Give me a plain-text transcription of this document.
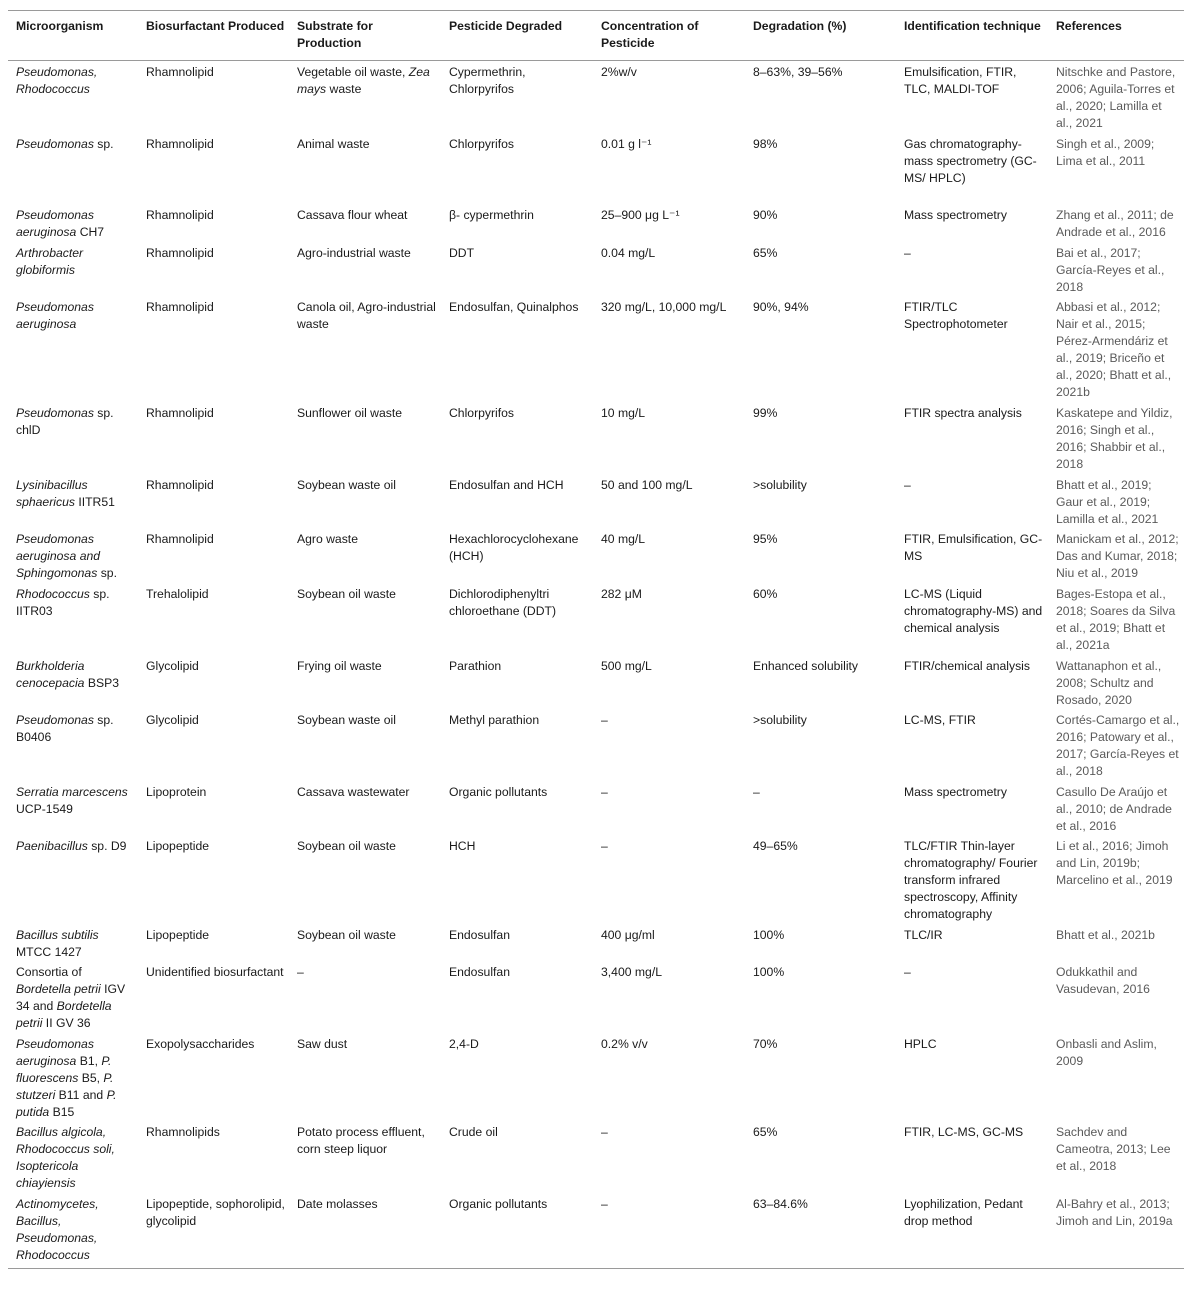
Microorganism	Biosurfactant Produced	Substrate for Production	Pesticide Degraded	Concentration of Pesticide	Degradation (%)	Identification technique	References
Pseudomonas, Rhodococcus	Rhamnolipid	Vegetable oil waste, Zea mays waste	Cypermethrin, Chlorpyrifos	2%w/v	8–63%, 39–56%	Emulsification, FTIR, TLC, MALDI-TOF	Nitschke and Pastore, 2006; Aguila-Torres et al., 2020; Lamilla et al., 2021
Pseudomonas sp.	Rhamnolipid	Animal waste	Chlorpyrifos	0.01 g l⁻¹	98%	Gas chromatography-mass spectrometry (GC-MS/ HPLC)	Singh et al., 2009; Lima et al., 2011
Pseudomonas aeruginosa CH7	Rhamnolipid	Cassava flour wheat	β- cypermethrin	25–900 μg L⁻¹	90%	Mass spectrometry	Zhang et al., 2011; de Andrade et al., 2016
Arthrobacter globiformis	Rhamnolipid	Agro-industrial waste	DDT	0.04 mg/L	65%	–	Bai et al., 2017; García-Reyes et al., 2018
Pseudomonas aeruginosa	Rhamnolipid	Canola oil, Agro-industrial waste	Endosulfan, Quinalphos	320 mg/L, 10,000 mg/L	90%, 94%	FTIR/TLC Spectrophotometer	Abbasi et al., 2012; Nair et al., 2015; Pérez-Armendáriz et al., 2019; Briceño et al., 2020; Bhatt et al., 2021b
Pseudomonas sp. chlD	Rhamnolipid	Sunflower oil waste	Chlorpyrifos	10 mg/L	99%	FTIR spectra analysis	Kaskatepe and Yildiz, 2016; Singh et al., 2016; Shabbir et al., 2018
Lysinibacillus sphaericus IITR51	Rhamnolipid	Soybean waste oil	Endosulfan and HCH	50 and 100 mg/L	>solubility	–	Bhatt et al., 2019; Gaur et al., 2019; Lamilla et al., 2021
Pseudomonas aeruginosa and Sphingomonas sp.	Rhamnolipid	Agro waste	Hexachlorocyclohexane (HCH)	40 mg/L	95%	FTIR, Emulsification, GC-MS	Manickam et al., 2012; Das and Kumar, 2018; Niu et al., 2019
Rhodococcus sp. IITR03	Trehalolipid	Soybean oil waste	Dichlorodiphenyltri chloroethane (DDT)	282 μM	60%	LC-MS (Liquid chromatography-MS) and chemical analysis	Bages-Estopa et al., 2018; Soares da Silva et al., 2019; Bhatt et al., 2021a
Burkholderia cenocepacia BSP3	Glycolipid	Frying oil waste	Parathion	500 mg/L	Enhanced solubility	FTIR/chemical analysis	Wattanaphon et al., 2008; Schultz and Rosado, 2020
Pseudomonas sp. B0406	Glycolipid	Soybean waste oil	Methyl parathion	–	>solubility	LC-MS, FTIR	Cortés-Camargo et al., 2016; Patowary et al., 2017; García-Reyes et al., 2018
Serratia marcescens UCP-1549	Lipoprotein	Cassava wastewater	Organic pollutants	–	–	Mass spectrometry	Casullo De Araújo et al., 2010; de Andrade et al., 2016
Paenibacillus sp. D9	Lipopeptide	Soybean oil waste	HCH	–	49–65%	TLC/FTIR Thin-layer chromatography/ Fourier transform infrared spectroscopy, Affinity chromatography	Li et al., 2016; Jimoh and Lin, 2019b; Marcelino et al., 2019
Bacillus subtilis MTCC 1427	Lipopeptide	Soybean oil waste	Endosulfan	400 μg/ml	100%	TLC/IR	Bhatt et al., 2021b
Consortia of Bordetella petrii IGV 34 and Bordetella petrii II GV 36	Unidentified biosurfactant	–	Endosulfan	3,400 mg/L	100%	–	Odukkathil and Vasudevan, 2016
Pseudomonas aeruginosa B1, P. fluorescens B5, P. stutzeri B11 and P. putida B15	Exopolysaccharides	Saw dust	2,4-D	0.2% v/v	70%	HPLC	Onbasli and Aslim, 2009
Bacillus algicola, Rhodococcus soli, Isoptericola chiayiensis	Rhamnolipids	Potato process effluent, corn steep liquor	Crude oil	–	65%	FTIR, LC-MS, GC-MS	Sachdev and Cameotra, 2013; Lee et al., 2018
Actinomycetes, Bacillus, Pseudomonas, Rhodococcus	Lipopeptide, sophorolipid, glycolipid	Date molasses	Organic pollutants	–	63–84.6%	Lyophilization, Pedant drop method	Al-Bahry et al., 2013; Jimoh and Lin, 2019a
